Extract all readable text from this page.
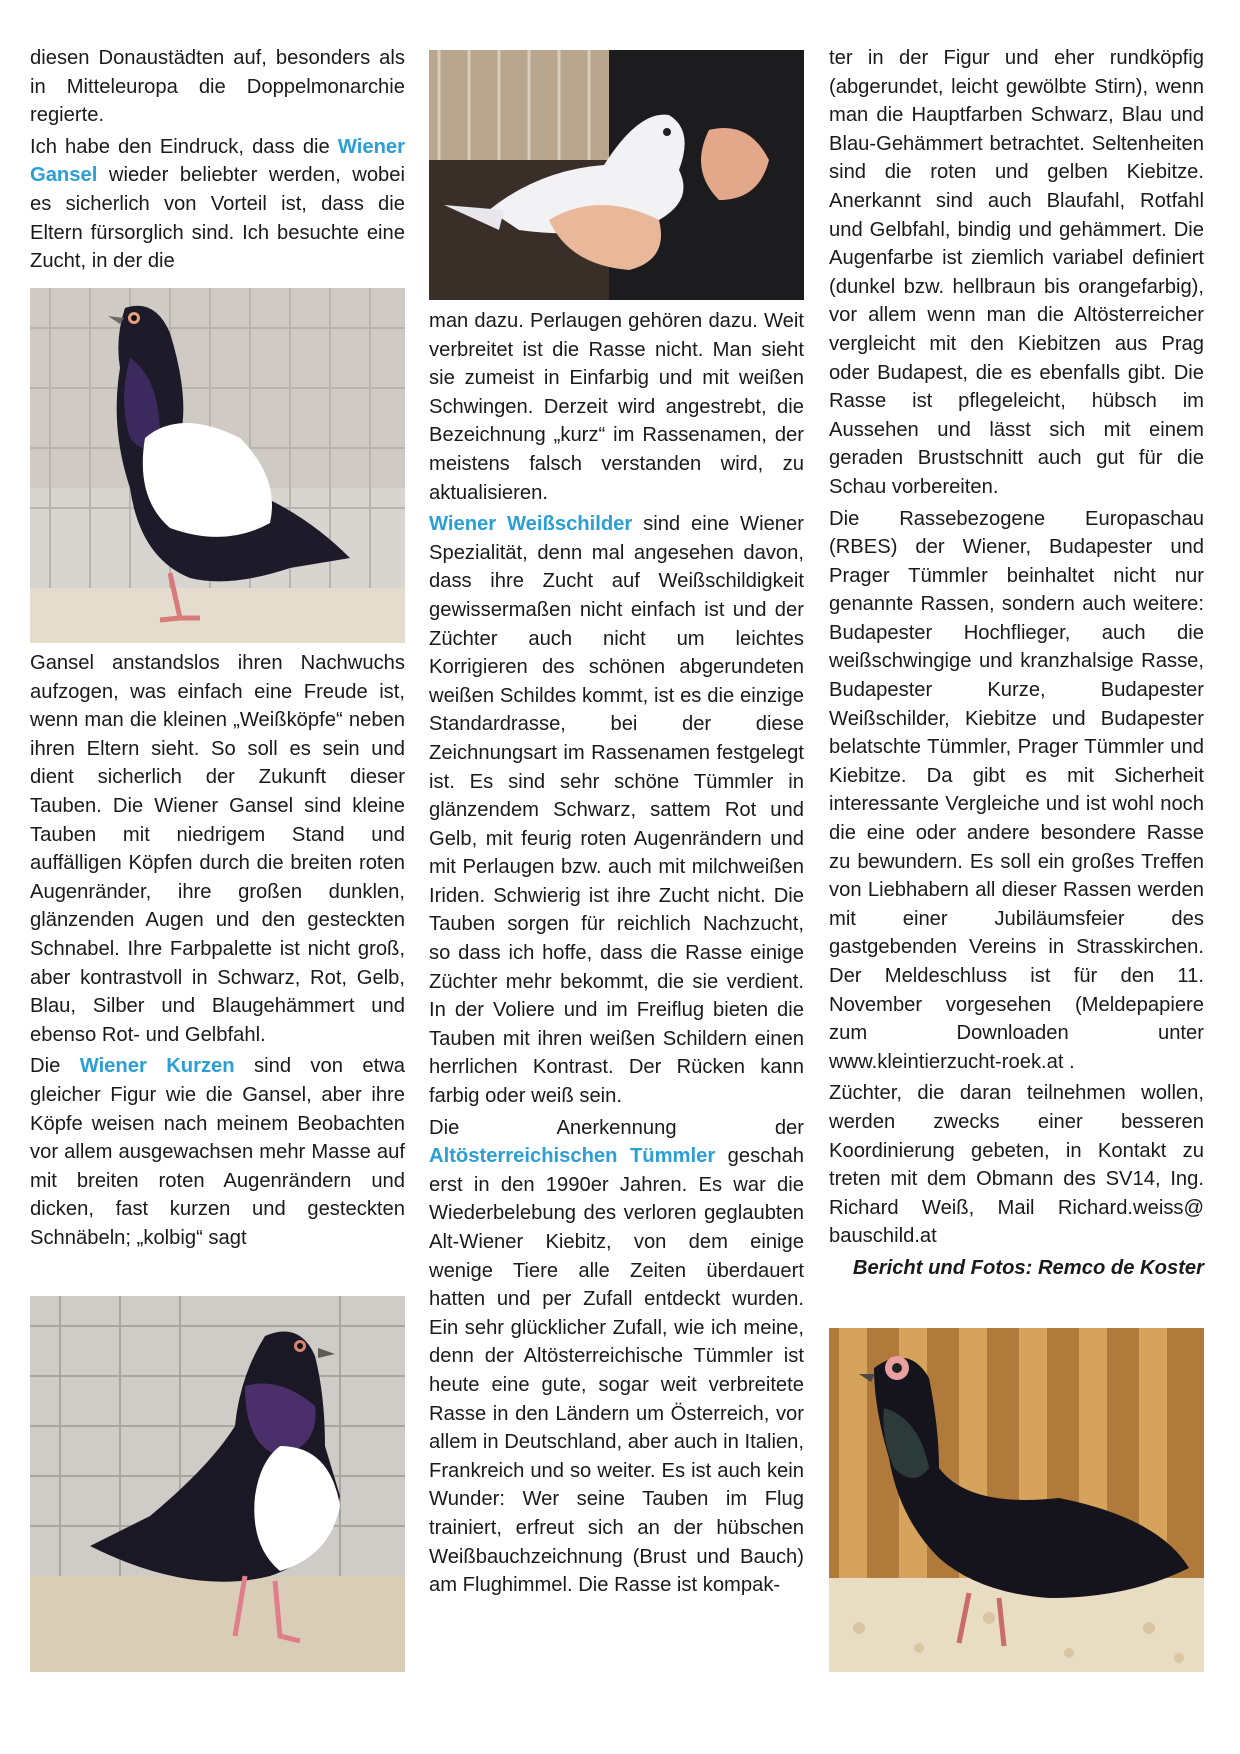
diesen Donaustädten auf, besonders als in Mitteleuropa die Doppelmonarchie regierte.

Ich habe den Eindruck, dass die Wiener Gansel wieder beliebter werden, wobei es sicherlich von Vorteil ist, dass die Eltern fürsorglich sind. Ich besuchte eine Zucht, in der die

Gansel anstandslos ihren Nachwuchs aufzogen, was einfach eine Freude ist, wenn man die kleinen „Weißköpfe“ neben ihren Eltern sieht. So soll es sein und dient sicherlich der Zukunft dieser Tauben. Die Wiener Gansel sind kleine Tauben mit niedrigem Stand und auffälligen Köpfen durch die breiten roten Augenränder, ihre großen dunklen, glänzenden Augen und den gesteckten Schnabel. Ihre Farbpalette ist nicht groß, aber kontrastvoll in Schwarz, Rot, Gelb, Blau, Silber und Blaugehämmert und ebenso Rot- und Gelbfahl.

Die Wiener Kurzen sind von etwa gleicher Figur wie die Gansel, aber ihre Köpfe weisen nach meinem Beobachten vor allem ausgewachsen mehr Masse auf mit breiten roten Augenrändern und dicken, fast kurzen und gesteckten Schnäbeln; „kolbig“ sagt

man dazu. Perlaugen gehören dazu. Weit verbreitet ist die Rasse nicht. Man sieht sie zumeist in Einfarbig und mit weißen Schwingen. Derzeit wird angestrebt, die Bezeichnung „kurz“ im Rassenamen, der meistens falsch verstanden wird, zu aktualisieren.

Wiener Weißschilder sind eine Wiener Spezialität, denn mal angesehen davon, dass ihre Zucht auf Weißschildigkeit gewissermaßen nicht einfach ist und der Züchter auch nicht um leichtes Korrigieren des schönen abgerundeten weißen Schildes kommt, ist es die einzige Standardrasse, bei der diese Zeichnungsart im Rassenamen festgelegt ist. Es sind sehr schöne Tümmler in glänzendem Schwarz, sattem Rot und Gelb, mit feurig roten Augenrändern und mit Perlaugen bzw. auch mit milchweißen Iriden. Schwierig ist ihre Zucht nicht. Die Tauben sorgen für reichlich Nachzucht, so dass ich hoffe, dass die Rasse einige Züchter mehr bekommt, die sie verdient. In der Voliere und im Freiflug bieten die Tauben mit ihren weißen Schildern einen herrlichen Kontrast. Der Rücken kann farbig oder weiß sein.

Die Anerkennung der Altösterreichischen Tümmler geschah erst in den 1990er Jahren. Es war die Wiederbelebung des verloren geglaubten Alt-Wiener Kiebitz, von dem einige wenige Tiere alle Zeiten überdauert hatten und per Zufall entdeckt wurden. Ein sehr glücklicher Zufall, wie ich meine, denn der Altösterreichische Tümmler ist heute eine gute, sogar weit verbreitete Rasse in den Ländern um Österreich, vor allem in Deutschland, aber auch in Italien, Frankreich und so weiter. Es ist auch kein Wunder: Wer seine Tauben im Flug trainiert, erfreut sich an der hübschen Weißbauchzeichnung (Brust und Bauch) am Flughimmel. Die Rasse ist kompak-

ter in der Figur und eher rundköpfig (abgerundet, leicht gewölbte Stirn), wenn man die Hauptfarben Schwarz, Blau und Blau-Gehämmert betrachtet. Seltenheiten sind die roten und gelben Kiebitze. Anerkannt sind auch Blaufahl, Rotfahl und Gelbfahl, bindig und gehämmert. Die Augenfarbe ist ziemlich variabel definiert (dunkel bzw. hellbraun bis orangefarbig), vor allem wenn man die Altösterreicher vergleicht mit den Kiebitzen aus Prag oder Budapest, die es ebenfalls gibt. Die Rasse ist pflegeleicht, hübsch im Aussehen und lässt sich mit einem geraden Brustschnitt auch gut für die Schau vorbereiten.

Die Rassebezogene Europaschau (RBES) der Wiener, Budapester und Prager Tümmler beinhaltet nicht nur genannte Rassen, sondern auch weitere: Budapester Hochflieger, auch die weißschwingige und kranzhalsige Rasse, Budapester Kurze, Budapester Weißschilder, Kiebitze und Budapester belatschte Tümmler, Prager Tümmler und Kiebitze. Da gibt es mit Sicherheit interessante Vergleiche und ist wohl noch die eine oder andere besondere Rasse zu bewundern. Es soll ein großes Treffen von Liebhabern all dieser Rassen werden mit einer Jubiläumsfeier des gastgebenden Vereins in Strasskirchen. Der Meldeschluss ist für den 11. November vorgesehen (Meldepapiere zum Downloaden unter www.kleintierzucht-roek.at .

Züchter, die daran teilnehmen wollen, werden zwecks einer besseren Koordinierung gebeten, in Kontakt zu treten mit dem Obmann des SV14, Ing. Richard Weiß, Mail Richard.weiss@ bauschild.at

Bericht und Fotos: Remco de Koster
